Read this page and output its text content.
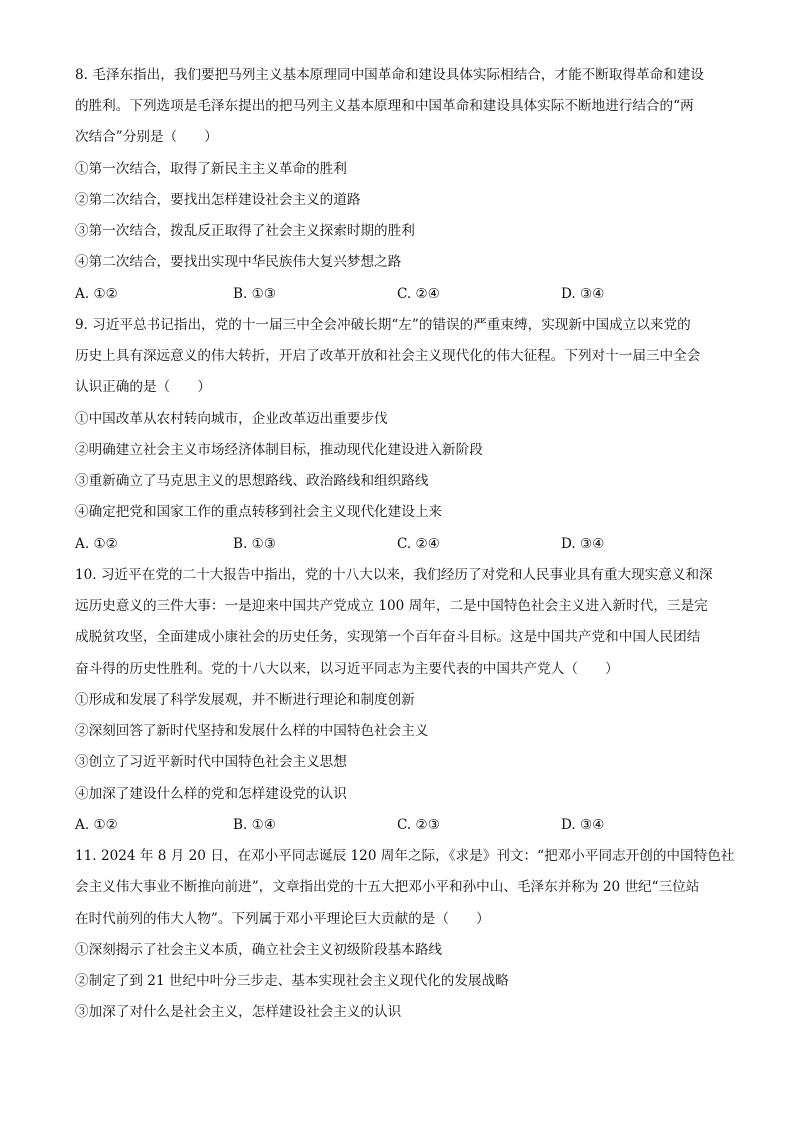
8. 毛泽东指出，我们要把马列主义基本原理同中国革命和建设具体实际相结合，才能不断取得革命和建设
的胜利。下列选项是毛泽东提出的把马列主义基本原理和中国革命和建设具体实际不断地进行结合的“两
次结合”分别是（　　）
①第一次结合，取得了新民主主义革命的胜利
②第二次结合，要找出怎样建设社会主义的道路
③第一次结合，拨乱反正取得了社会主义探索时期的胜利
④第二次结合，要找出实现中华民族伟大复兴梦想之路
A. ①②	B. ①③	C. ②④	D. ③④
9. 习近平总书记指出，党的十一届三中全会冲破长期“左”的错误的严重束缚，实现新中国成立以来党的
历史上具有深远意义的伟大转折，开启了改革开放和社会主义现代化的伟大征程。下列对十一届三中全会
认识正确的是（　　）
①中国改革从农村转向城市，企业改革迈出重要步伐
②明确建立社会主义市场经济体制目标，推动现代化建设进入新阶段
③重新确立了马克思主义的思想路线、政治路线和组织路线
④确定把党和国家工作的重点转移到社会主义现代化建设上来
A. ①②	B. ①③	C. ②④	D. ③④
10. 习近平在党的二十大报告中指出，党的十八大以来，我们经历了对党和人民事业具有重大现实意义和深
远历史意义的三件大事：一是迎来中国共产党成立 100 周年，二是中国特色社会主义进入新时代，三是完
成脱贫攻坚，全面建成小康社会的历史任务，实现第一个百年奋斗目标。这是中国共产党和中国人民团结
奋斗得的历史性胜利。党的十八大以来，以习近平同志为主要代表的中国共产党人（　　）
①形成和发展了科学发展观，并不断进行理论和制度创新
②深刻回答了新时代坚持和发展什么样的中国特色社会主义
③创立了习近平新时代中国特色社会主义思想
④加深了建设什么样的党和怎样建设党的认识
A. ①②	B. ①④	C. ②③	D. ③④
11. 2024 年 8 月 20 日，在邓小平同志诞辰 120 周年之际，《求是》刊文：“把邓小平同志开创的中国特色社
会主义伟大事业不断推向前进”，文章指出党的十五大把邓小平和孙中山、毛泽东并称为 20 世纪“三位站
在时代前列的伟大人物”。下列属于邓小平理论巨大贡献的是（　　）
①深刻揭示了社会主义本质，确立社会主义初级阶段基本路线
②制定了到 21 世纪中叶分三步走、基本实现社会主义现代化的发展战略
③加深了对什么是社会主义，怎样建设社会主义的认识
